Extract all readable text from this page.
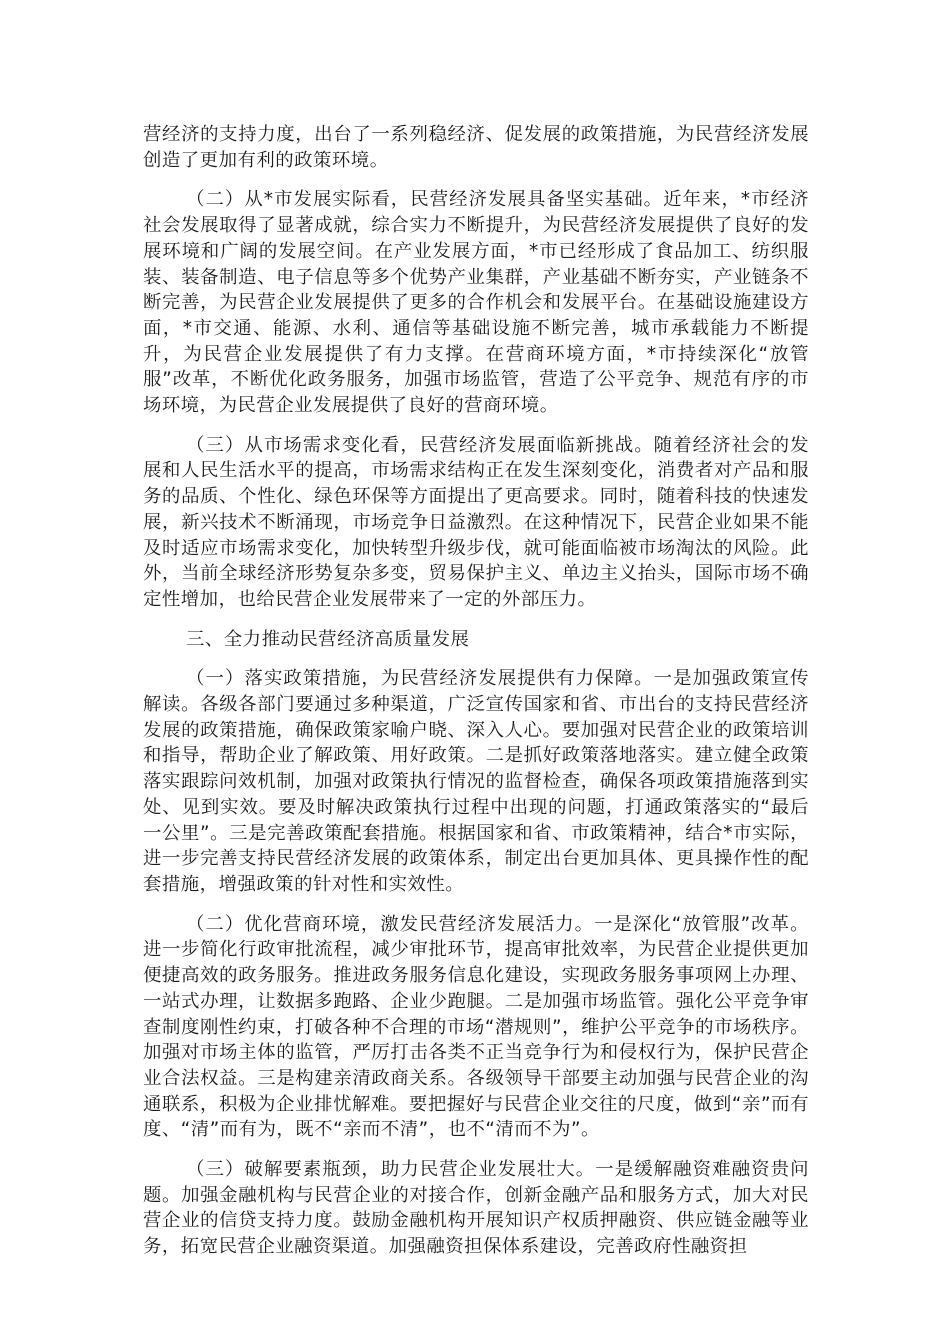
营经济的支持力度，出台了一系列稳经济、促发展的政策措施，为民营经济发展创造了更加有利的政策环境。

（二）从*市发展实际看，民营经济发展具备坚实基础。近年来，*市经济社会发展取得了显著成就，综合实力不断提升，为民营经济发展提供了良好的发展环境和广阔的发展空间。在产业发展方面，*市已经形成了食品加工、纺织服装、装备制造、电子信息等多个优势产业集群，产业基础不断夯实，产业链条不断完善，为民营企业发展提供了更多的合作机会和发展平台。在基础设施建设方面，*市交通、能源、水利、通信等基础设施不断完善，城市承载能力不断提升，为民营企业发展提供了有力支撑。在营商环境方面，*市持续深化“放管服”改革，不断优化政务服务，加强市场监管，营造了公平竞争、规范有序的市场环境，为民营企业发展提供了良好的营商环境。

（三）从市场需求变化看，民营经济发展面临新挑战。随着经济社会的发展和人民生活水平的提高，市场需求结构正在发生深刻变化，消费者对产品和服务的品质、个性化、绿色环保等方面提出了更高要求。同时，随着科技的快速发展，新兴技术不断涌现，市场竞争日益激烈。在这种情况下，民营企业如果不能及时适应市场需求变化，加快转型升级步伐，就可能面临被市场淘汰的风险。此外，当前全球经济形势复杂多变，贸易保护主义、单边主义抬头，国际市场不确定性增加，也给民营企业发展带来了一定的外部压力。

三、全力推动民营经济高质量发展

（一）落实政策措施，为民营经济发展提供有力保障。一是加强政策宣传解读。各级各部门要通过多种渠道，广泛宣传国家和省、市出台的支持民营经济发展的政策措施，确保政策家喻户晓、深入人心。要加强对民营企业的政策培训和指导，帮助企业了解政策、用好政策。二是抓好政策落地落实。建立健全政策落实跟踪问效机制，加强对政策执行情况的监督检查，确保各项政策措施落到实处、见到实效。要及时解决政策执行过程中出现的问题，打通政策落实的“最后一公里”。三是完善政策配套措施。根据国家和省、市政策精神，结合*市实际，进一步完善支持民营经济发展的政策体系，制定出台更加具体、更具操作性的配套措施，增强政策的针对性和实效性。

（二）优化营商环境，激发民营经济发展活力。一是深化“放管服”改革。进一步简化行政审批流程，减少审批环节，提高审批效率，为民营企业提供更加便捷高效的政务服务。推进政务服务信息化建设，实现政务服务事项网上办理、一站式办理，让数据多跑路、企业少跑腿。二是加强市场监管。强化公平竞争审查制度刚性约束，打破各种不合理的市场“潜规则”，维护公平竞争的市场秩序。加强对市场主体的监管，严厉打击各类不正当竞争行为和侵权行为，保护民营企业合法权益。三是构建亲清政商关系。各级领导干部要主动加强与民营企业的沟通联系，积极为企业排忧解难。要把握好与民营企业交往的尺度，做到“亲”而有度、“清”而有为，既不“亲而不清”，也不“清而不为”。

（三）破解要素瓶颈，助力民营企业发展壮大。一是缓解融资难融资贵问题。加强金融机构与民营企业的对接合作，创新金融产品和服务方式，加大对民营企业的信贷支持力度。鼓励金融机构开展知识产权质押融资、供应链金融等业务，拓宽民营企业融资渠道。加强融资担保体系建设，完善政府性融资担
